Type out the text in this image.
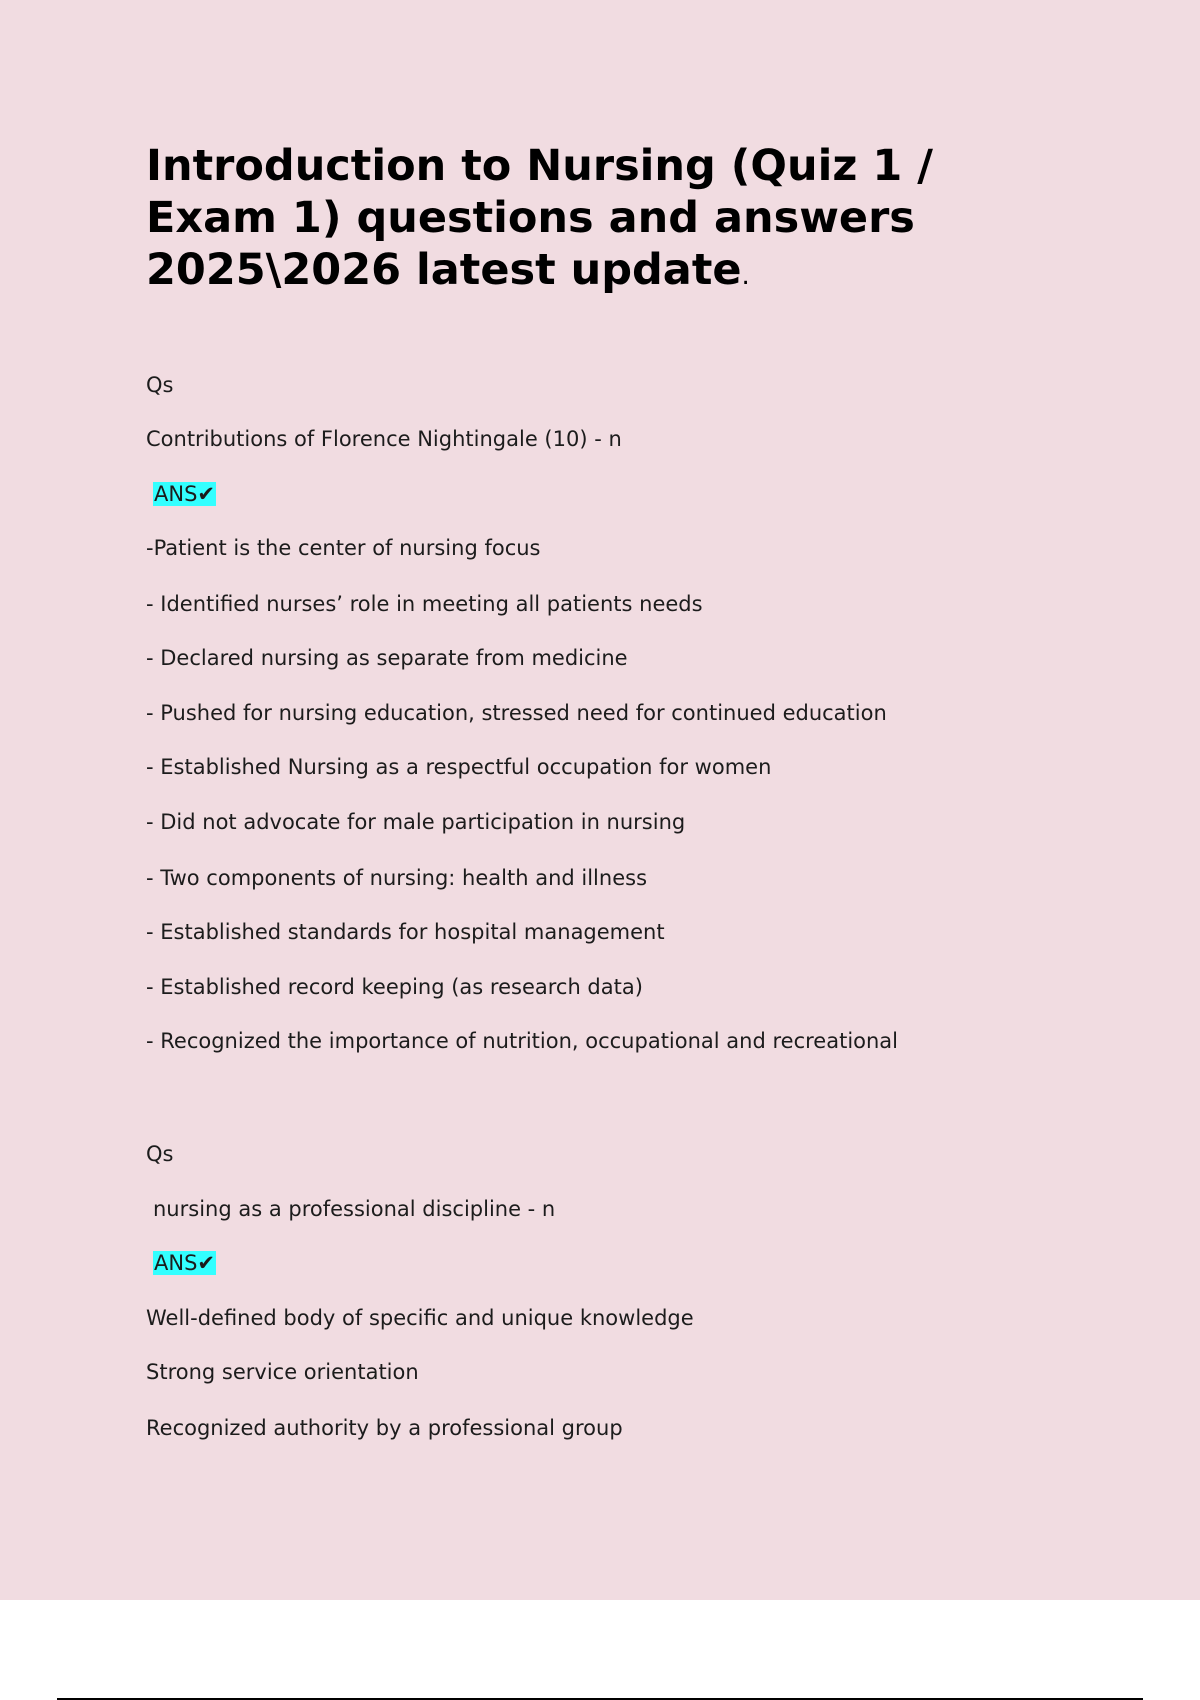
Introduction to Nursing (Quiz 1 / Exam 1) questions and answers 2025\2026 latest update.
Qs
Contributions of Florence Nightingale (10) - n
ANS✔
-Patient is the center of nursing focus
- Identified nurses’ role in meeting all patients needs
- Declared nursing as separate from medicine
- Pushed for nursing education, stressed need for continued education
- Established Nursing as a respectful occupation for women
- Did not advocate for male participation in nursing
- Two components of nursing: health and illness
- Established standards for hospital management
- Established record keeping (as research data)
- Recognized the importance of nutrition, occupational and recreational
Qs
nursing as a professional discipline - n
ANS✔
Well-defined body of specific and unique knowledge
Strong service orientation
Recognized authority by a professional group
